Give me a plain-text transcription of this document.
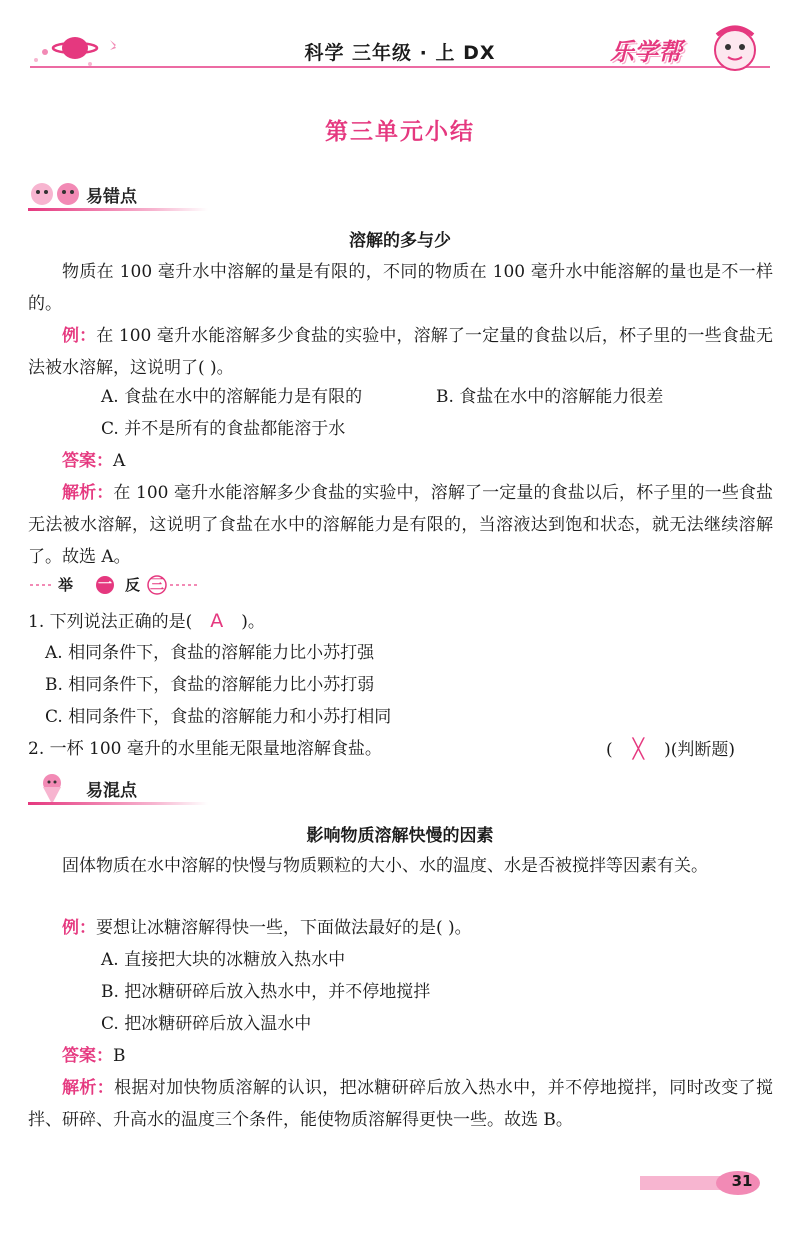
科学 三年级 · 上 DX	乐学帮
第三单元小结
易错点
溶解的多与少
物质在 100 毫升水中溶解的量是有限的，不同的物质在 100 毫升水中能溶解的量也是不一样的。
例：在 100 毫升水能溶解多少食盐的实验中，溶解了一定量的食盐以后，杯子里的一些食盐无法被水溶解，这说明了( )。
A. 食盐在水中的溶解能力是有限的	B. 食盐在水中的溶解能力很差
C. 并不是所有的食盐都能溶于水
答案：A
解析：在 100 毫升水能溶解多少食盐的实验中，溶解了一定量的食盐以后，杯子里的一些食盐无法被水溶解，这说明了食盐在水中的溶解能力是有限的，当溶液达到饱和状态，就无法继续溶解了。故选 A。
举 一 反 三
1. 下列说法正确的是( A )。
A. 相同条件下，食盐的溶解能力比小苏打强
B. 相同条件下，食盐的溶解能力比小苏打弱
C. 相同条件下，食盐的溶解能力和小苏打相同
2. 一杯 100 毫升的水里能无限量地溶解食盐。	( ╳ )(判断题)
易混点
影响物质溶解快慢的因素
固体物质在水中溶解的快慢与物质颗粒的大小、水的温度、水是否被搅拌等因素有关。
例：要想让冰糖溶解得快一些，下面做法最好的是( )。
A. 直接把大块的冰糖放入热水中
B. 把冰糖研碎后放入热水中，并不停地搅拌
C. 把冰糖研碎后放入温水中
答案：B
解析：根据对加快物质溶解的认识，把冰糖研碎后放入热水中，并不停地搅拌，同时改变了搅拌、研碎、升高水的温度三个条件，能使物质溶解得更快一些。故选 B。
31
